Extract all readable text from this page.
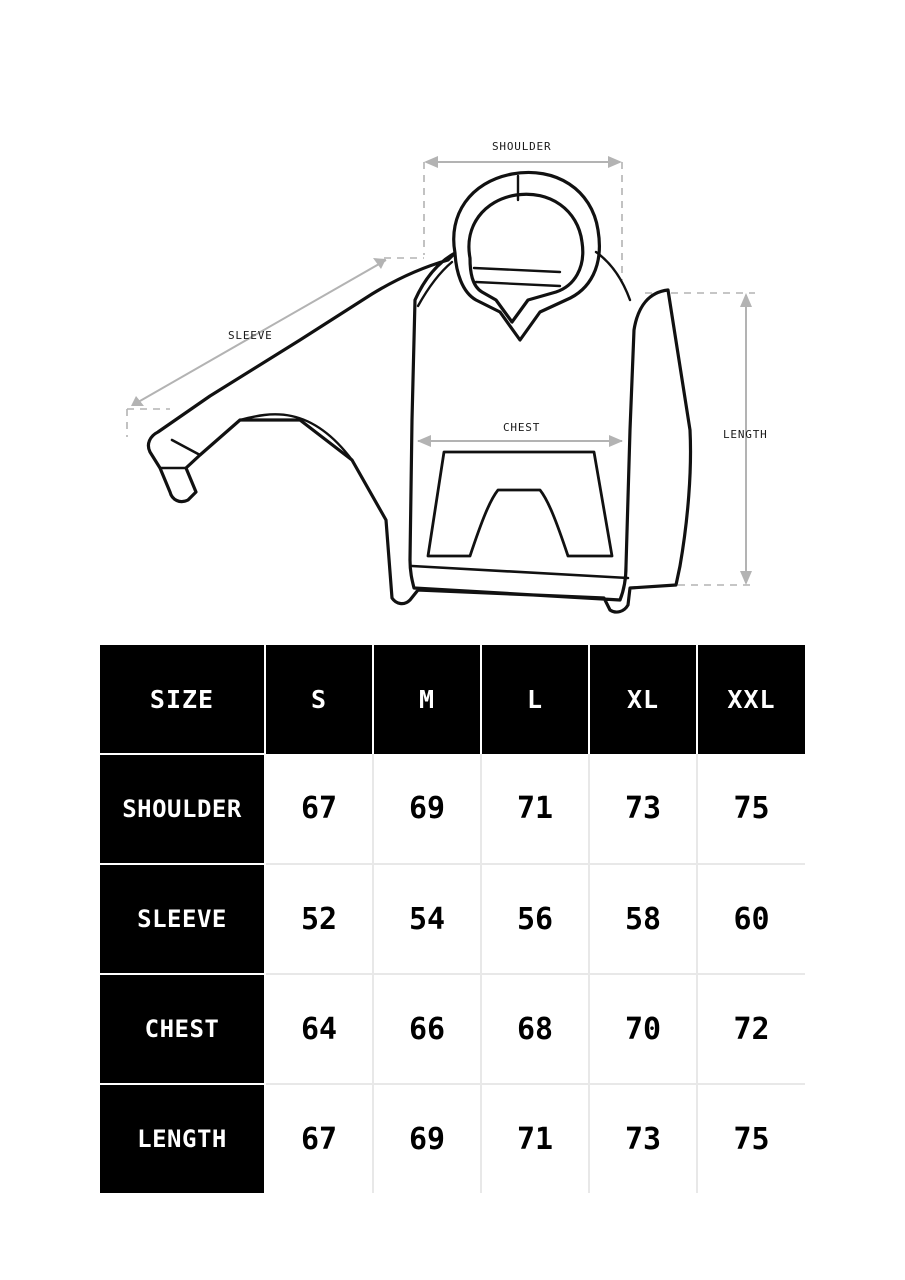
SHOULDER
SLEEVE
CHEST
LENGTH
SIZE	S	M	L	XL	XXL
SHOULDER	67	69	71	73	75
SLEEVE	52	54	56	58	60
CHEST	64	66	68	70	72
LENGTH	67	69	71	73	75
